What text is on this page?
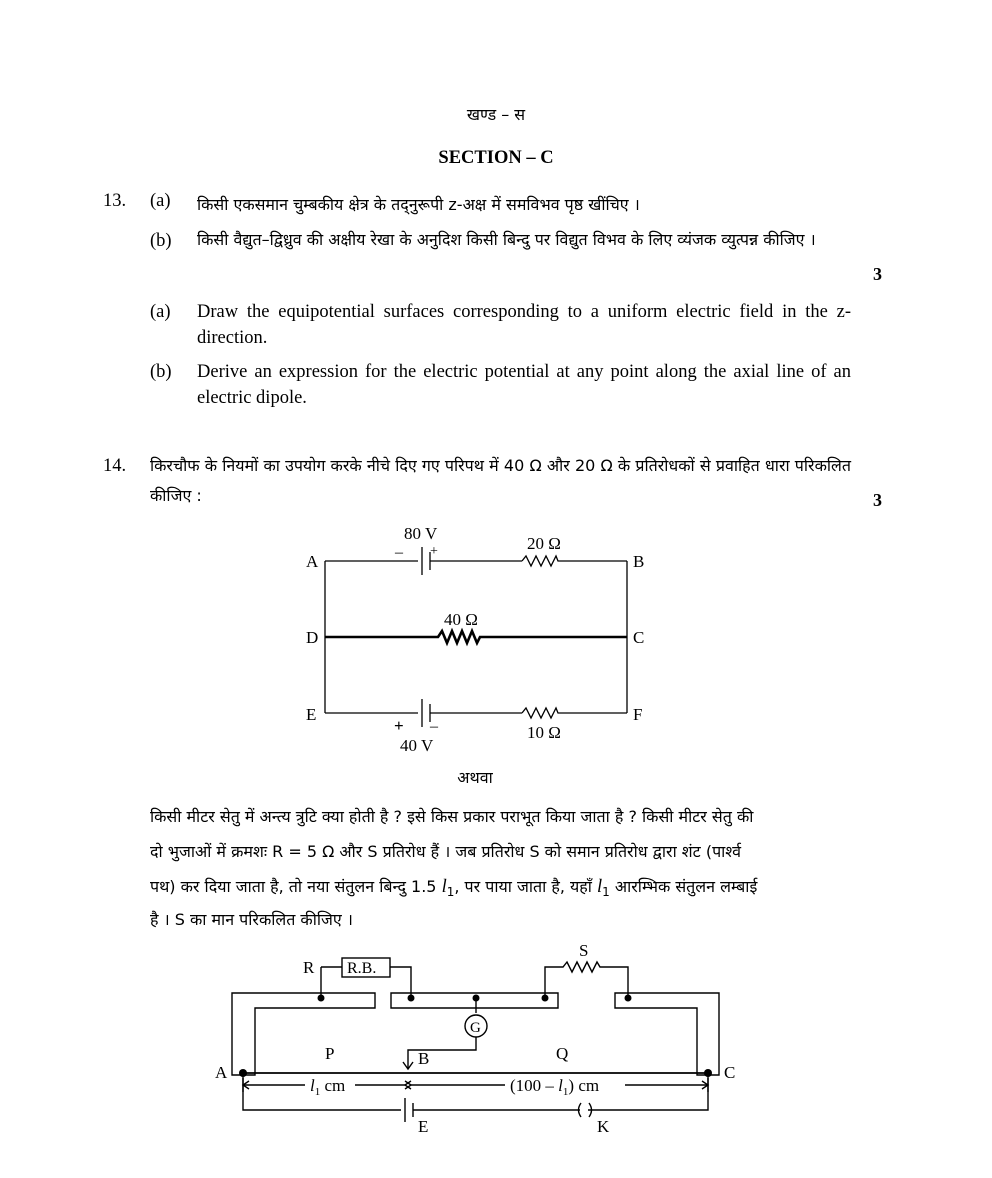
खण्ड – स
SECTION – C
13. (a) किसी एकसमान चुम्बकीय क्षेत्र के तद्नुरूपी z-अक्ष में समविभव पृष्ठ खींचिए ।
(b) किसी वैद्युत–द्विध्रुव की अक्षीय रेखा के अनुदिश किसी बिन्दु पर विद्युत विभव के लिए व्यंजक व्युत्पन्न कीजिए ।
3
(a) Draw the equipotential surfaces corresponding to a uniform electric field in the z-direction.
(b) Derive an expression for the electric potential at any point along the axial line of an electric dipole.
14. किरचौफ के नियमों का उपयोग करके नीचे दिए गए परिपथ में 40 Ω और 20 Ω के प्रतिरोधकों से प्रवाहित धारा परिकलित कीजिए :	3
A	B
D	C
E	F
80 V
– +	20 Ω
40 Ω
+ –
40 V
10 Ω
अथवा
किसी मीटर सेतु में अन्त्य त्रुटि क्या होती है ? इसे किस प्रकार पराभूत किया जाता है ? किसी मीटर सेतु की
दो भुजाओं में क्रमशः R = 5 Ω और S प्रतिरोध हैं । जब प्रतिरोध S को समान प्रतिरोध द्वारा शंट (पार्श्व
पथ) कर दिया जाता है, तो नया संतुलन बिन्दु 1.5 $l_1$, पर पाया जाता है, यहाँ $l_1$ आरम्भिक संतुलन लम्बाई
है । S का मान परिकलित कीजिए ।
R R.B.
S
G
A	C
P	B	Q
E	K
$l_1$ cm	$(100 - l_1)$ cm
